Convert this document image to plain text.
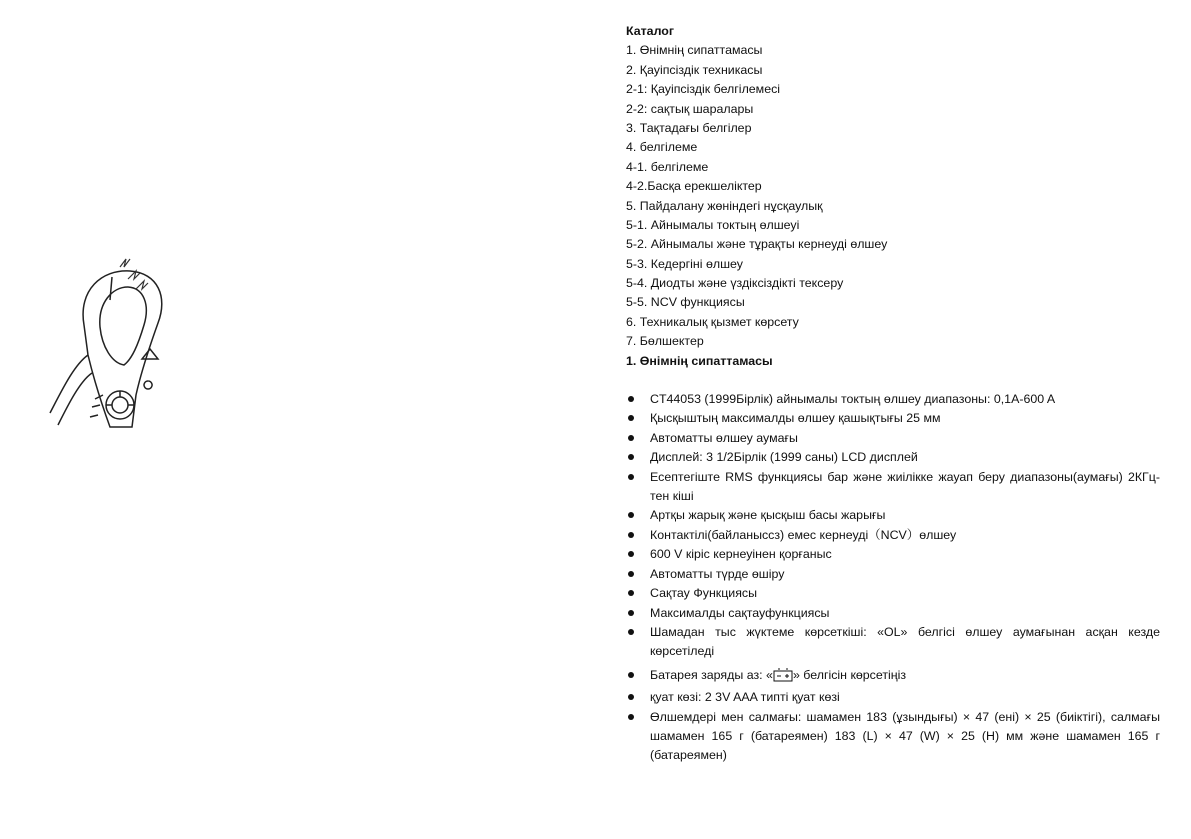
Каталог
1. Өнімнің сипаттамасы
2. Қауіпсіздік техникасы
2-1: Қауіпсіздік белгілемесі
2-2: сақтық шаралары
3. Тақтадағы белгілер
4. белгілеме
4-1. белгілеме
4-2.Басқа ерекшеліктер
5. Пайдалану жөніндегі нұсқаулық
5-1. Айнымалы токтың өлшеуі
5-2. Айнымалы және тұрақты кернеуді өлшеу
5-3. Кедергіні өлшеу
5-4. Диодты және үздіксіздікті тексеру
5-5. NCV функциясы
6. Техникалық қызмет көрсету
7. Бөлшектер
1. Өнімнің сипаттамасы
CT44053 (1999Бірлік) айнымалы токтың өлшеу диапазоны: 0,1A-600 A
Қысқыштың максималды өлшеу қашықтығы 25 мм
Автоматты өлшеу аумағы
Дисплей: 3 1/2Бірлік (1999 саны) LCD дисплей
Есептегіште RMS функциясы бар және жиілікке жауап беру диапазоны(аумағы) 2КГц-тен кіші
Артқы жарық және қысқыш басы жарығы
Контактілі(байланыссз) емес кернеуді（NCV）өлшеу
600 V кіріс кернеуінен қорғаныс
Автоматты түрде өшіру
Сақтау Функциясы
Максималды сақтауфункциясы
Шамадан тыс жүктеме көрсеткіші: «OL» белгісі өлшеу аумағынан асқан кезде көрсетіледі
Батарея заряды аз: « » белгісін көрсетіңіз
қуат көзі: 2 3V AAA типті қуат көзі
Өлшемдері мен салмағы: шамамен 183 (ұзындығы) × 47 (ені) × 25 (биіктігі), салмағы шамамен 165 г (батареямен) 183 (L) × 47 (W) × 25 (H) мм және шамамен 165 г (батареямен)
